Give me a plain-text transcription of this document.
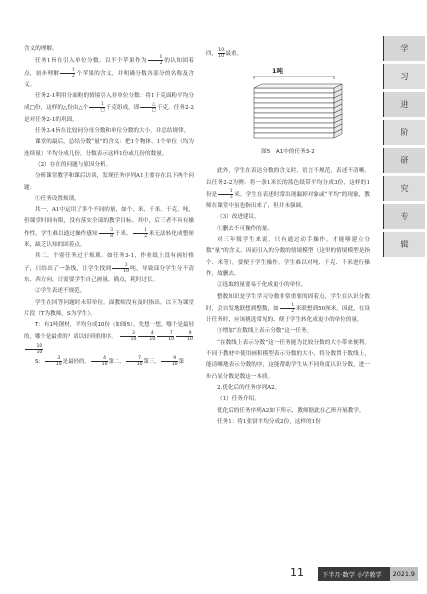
含义的理解。

任务1旨在引入单位分数，以半个苹果作为 $\frac{1}{2}$ 的认知固着点，初步理解 $\frac{1}{2}$ 个苹果的含义，并明确分数各部分的名称及含义。

任务2-1利用分面粉的情境引入非单位分数：将1千克面粉平均分成□份，这样的△份由△个 $\frac{1}{□}$ 千克组成，即 $\frac{\triangle}{□}$ 千克。任务2-2是对任务2-1的巩固。

任务3.4旨在比较同分母分数和单位分数的大小，并总结规律。

课堂的最后，总结分数“量”的含义：把1个物体、1个单位（均为连续量）平均分成几份，分数表示这样1份或几份的数量。

（2）存在的问题与原因分析。

分析课堂教学和课后访谈，发现任务序列A1主要存在以下两个问题：

①任务设置烦琐。

其一，A1中运用了多个不同的量，如个、米、千米、千克、吨，但课堂时间有限，没有落实全部的教学目标。其中，后三者不具有操作性，学生难以通过操作感知 $\frac{3}{8}$ 千米、 $\frac{1}{2}$ 米无法转化成整厘米，缺乏认知的固着点。

其二，个别任务过于烦琐。如任务3-1，作业纸上没有画好格子，只给出了一条线，让学生找到 $\frac{3}{10}$ 吨，导致部分学生分不清东、西方向，日需要学生自己画量、描点，耗时过长。

②学生表述不规范。

学生在回答问题时未带单位，面教师没有及时指出，以下为课堂片段（T为教师，S为学生）。

T：有1吨钢材，平均分成10份（如图5），先想一想，哪个是最轻的，哪个是最重的？请以轻到重排序。 $\frac{3}{10} \frac{4}{10} \frac{7}{10} \frac{9}{10}$
$\frac{10}{10}$

S： $\frac{3}{10}$ 是最轻的， $\frac{4}{10}$ 第二， $\frac{7}{10}$ 第三， $\frac{9}{10}$ 第

四， $\frac{10}{10}$ 最重。

1吨
图5　A1中的任务3-2

此外，学生在表达分数的含义时，语言不规范，表述不清晰。以任务2-2为例：将一条1米长的蓝色纸带平均分成3份，这样的1份是 $\frac{1}{3}$ 米。学生在表述时常出现漏掉对象或“平均”的现象，教师在课堂中虽也指出来了，但并未强调。

（3）改进建议。

①删去不可操作的量。

对三年级学生来说，只有通过动手操作，才能够建立分数“量”的含义，因而引入的分数的情境模型（这里的情境模型是指个、米等），要便于学生操作。学生难以对吨、千克、千米进行操作，故删去。

②选取的量要易于化成更小的单位。

整数知识是学生学习分数非常重要的固着点，学生在认识分数时，会自发地联想到整数，如 $\frac{1}{2}$ 米联想到50厘米。因此，在设计任务时，应该挑选常见的、便于学生转化成更小的单位的量。

③增加“在数线上表示分数”这一任务。

“在数线上表示分数”这一任务能为比较分数的大小带来便利。不同于教材中使用画积模型表示分数的大小，将分数置于数线上，能清晰地表示分数的序，这能帮助学生从不同角度认识分数，进一步凸显分数是数这一本质。

2.优化后的任务序列A2。

（1）任务介绍。

优化后的任务序列A2如下所示，教师据此在乙班开展教学。

任务1：将1张饼平均分成2份，这样的1份

学
习
进
阶
研
究
专
辑
11	下半月·数学 小学教学	2021.9
